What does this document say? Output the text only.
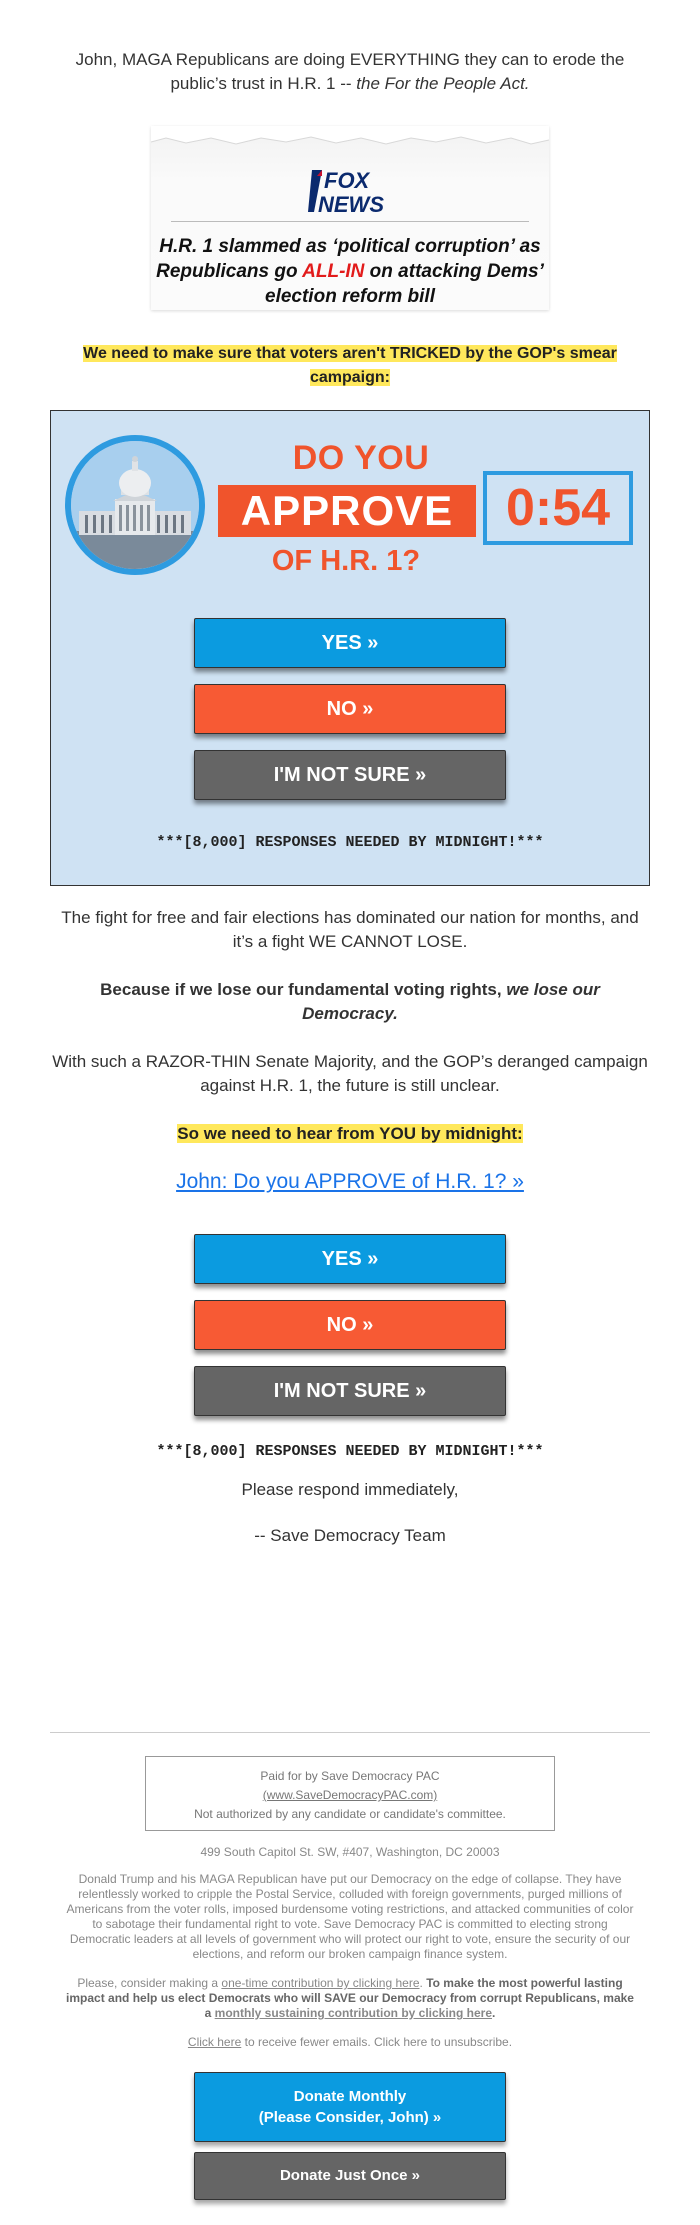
John, MAGA Republicans are doing EVERYTHING they can to erode the public’s trust in H.R. 1 -- the For the People Act.

FOX
NEWS
H.R. 1 slammed as ‘political corruption’ as Republicans go ALL-IN on attacking Dems’ election reform bill

We need to make sure that voters aren't TRICKED by the GOP's smear campaign:

DO YOU
APPROVE
OF H.R. 1?
0:54
YES »
NO »
I'M NOT SURE »
***[8,000] RESPONSES NEEDED BY MIDNIGHT!***

The fight for free and fair elections has dominated our nation for months, and it’s a fight WE CANNOT LOSE.

Because if we lose our fundamental voting rights, we lose our Democracy.

With such a RAZOR-THIN Senate Majority, and the GOP’s deranged campaign against H.R. 1, the future is still unclear.

So we need to hear from YOU by midnight:

John: Do you APPROVE of H.R. 1? »

YES »
NO »
I'M NOT SURE »
***[8,000] RESPONSES NEEDED BY MIDNIGHT!***

Please respond immediately,

-- Save Democracy Team

Paid for by Save Democracy PAC
(www.SaveDemocracyPAC.com)
Not authorized by any candidate or candidate's committee.

499 South Capitol St. SW, #407, Washington, DC 20003

Donald Trump and his MAGA Republican have put our Democracy on the edge of collapse. They have relentlessly worked to cripple the Postal Service, colluded with foreign governments, purged millions of Americans from the voter rolls, imposed burdensome voting restrictions, and attacked communities of color to sabotage their fundamental right to vote. Save Democracy PAC is committed to electing strong Democratic leaders at all levels of government who will protect our right to vote, ensure the security of our elections, and reform our broken campaign finance system.

Please, consider making a one-time contribution by clicking here. To make the most powerful lasting impact and help us elect Democrats who will SAVE our Democracy from corrupt Republicans, make a monthly sustaining contribution by clicking here.

Click here to receive fewer emails. Click here to unsubscribe.

Donate Monthly
(Please Consider, John) »
Donate Just Once »
